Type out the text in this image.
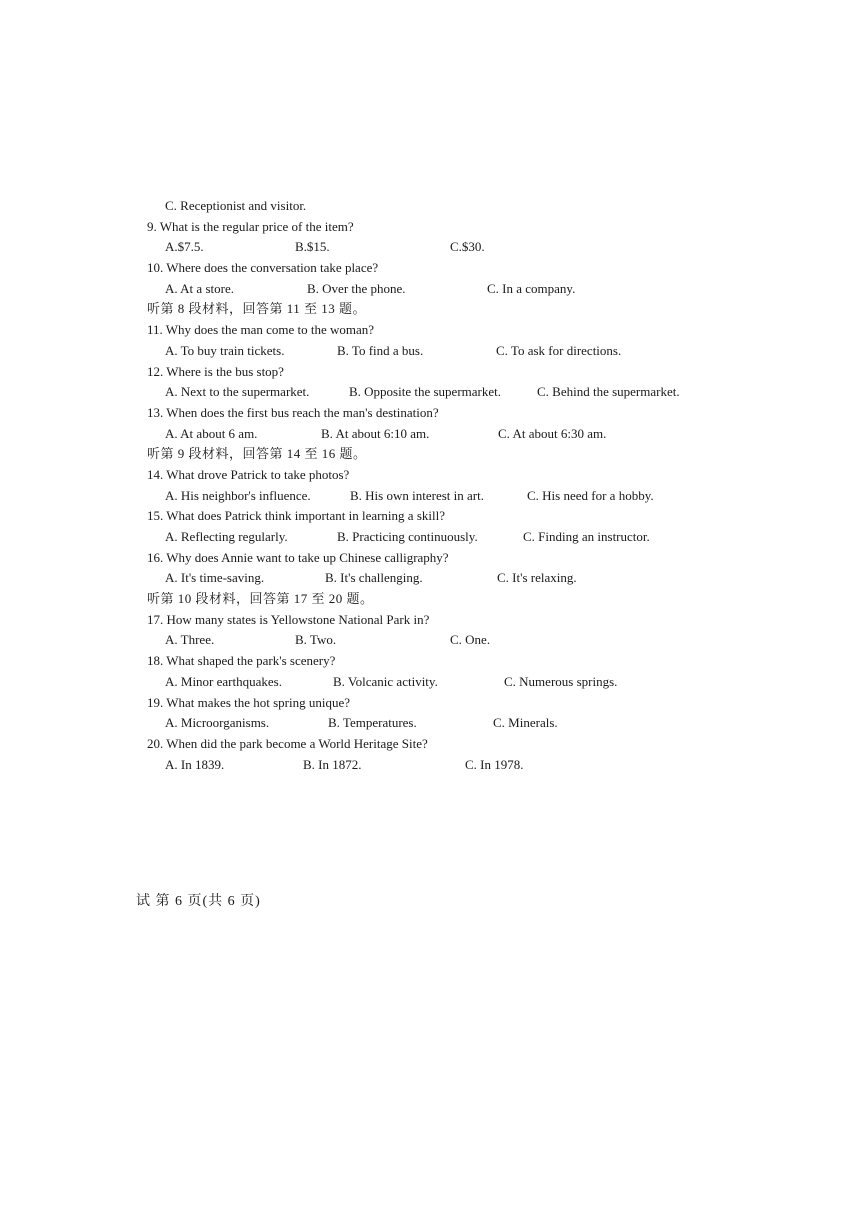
C. Receptionist and visitor.
9. What is the regular price of the item?
A.$7.5.	B.$15.	C.$30.
10. Where does the conversation take place?
A. At a store.	B. Over the phone.	C. In a company.
听第 8 段材料，回答第 11 至 13 题。
11. Why does the man come to the woman?
A. To buy train tickets.	B. To find a bus.	C. To ask for directions.
12. Where is the bus stop?
A. Next to the supermarket.	B. Opposite the supermarket.	C. Behind the supermarket.
13. When does the first bus reach the man's destination?
A. At about 6 am.	B. At about 6:10 am.	C. At about 6:30 am.
听第 9 段材料，回答第 14 至 16 题。
14. What drove Patrick to take photos?
A. His neighbor's influence.	B. His own interest in art.	C. His need for a hobby.
15. What does Patrick think important in learning a skill?
A. Reflecting regularly.	B. Practicing continuously.	C. Finding an instructor.
16. Why does Annie want to take up Chinese calligraphy?
A. It's time-saving.	B. It's challenging.	C. It's relaxing.
听第 10 段材料，回答第 17 至 20 题。
17. How many states is Yellowstone National Park in?
A. Three.	B. Two.	C. One.
18. What shaped the park's scenery?
A. Minor earthquakes.	B. Volcanic activity.	C. Numerous springs.
19. What makes the hot spring unique?
A. Microorganisms.	B. Temperatures.	C. Minerals.
20. When did the park become a World Heritage Site?
A. In 1839.	B. In 1872.	C. In 1978.
试 第 6 页(共 6 页)
